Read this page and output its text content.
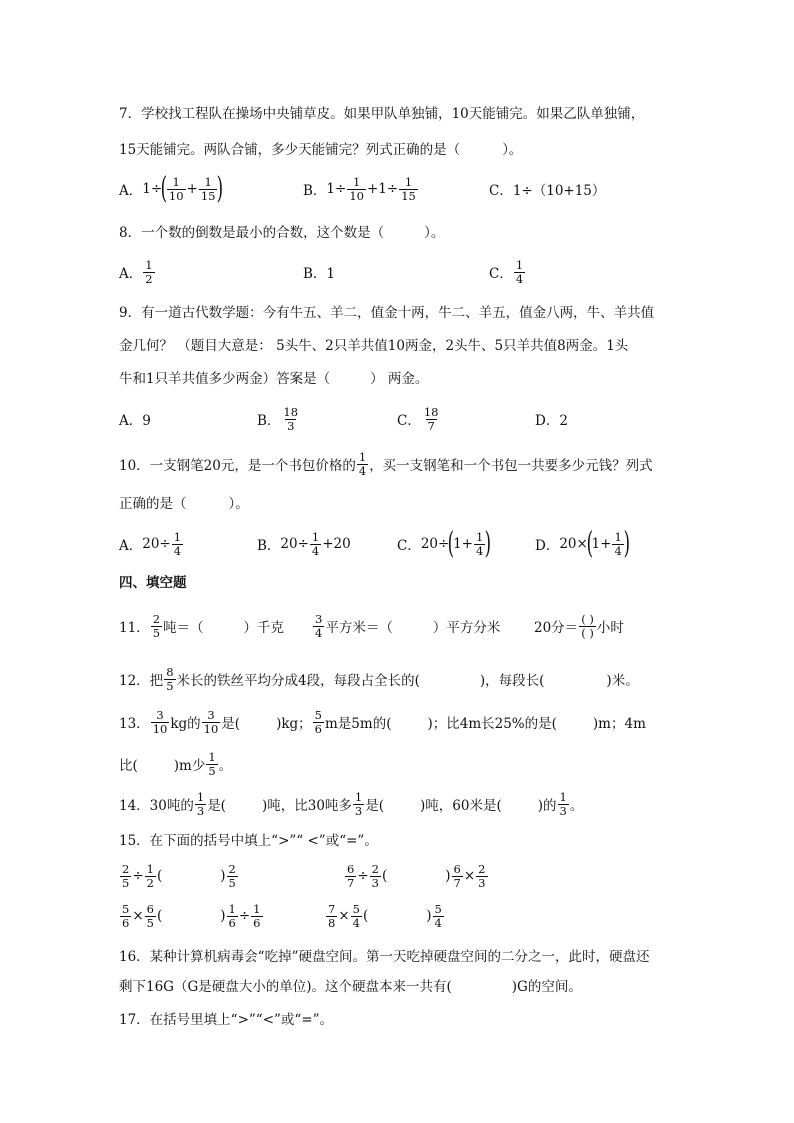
7．学校找工程队在操场中央铺草皮。如果甲队单独铺，10天能铺完。如果乙队单独铺，
15天能铺完。两队合铺，多少天能铺完？列式正确的是（	）。
A． 1÷
( $\frac{1}{10} + \frac{1}{15}$ )	B． $1\div \frac{1}{10} +1\div \frac{1}{15}$	C．1÷（10+15）
8．一个数的倒数是最小的合数，这个数是（	）。
A． $\frac{1}{2}$	B．1	C． $\frac{1}{4}$
9．有一道古代数学题：今有牛五、羊二，值金十两，牛二、羊五，值金八两，牛、羊共值
金几何？ （题目大意是： 5头牛、2只羊共值10两金，2头牛、5只羊共值8两金。1头
牛和1只羊共值多少两金）答案是（	） 两金。
A．9	B． $\frac{18}{3}$	C． $\frac{18}{7}$	D．2
10．一支钢笔20元，是一个书包价格的 $\frac{1}{4}$ ，买一支钢笔和一个书包一共要多少元钱？列式
正确的是（	）。
A． $20\div \frac{1}{4}$	B． $20\div \frac{1}{4} +20$	C． 20÷
(
$1+ \frac{1}{4}$ )	D． 20×
(
$1+ \frac{1}{4}$ )
四、填空题
11． $\frac{2}{5}$ 吨＝（	）千克	$\frac{3}{4}$ 平方米＝（	）平方分米 20分＝ $\frac{( )}{( )}$ 小时
12．把 $\frac{8}{5}$ 米长的铁丝平均分成4段，每段占全长的(	)，每段长(	)米。
13． $\frac{3}{10}$ kg的 $\frac{3}{10}$ 是(	)kg； $\frac{5}{6}$ m是5m的(	)；比4m长25%的是(	)m；4m
比(	)m少 $\frac{1}{5}$ 。
14．30吨的 $\frac{1}{3}$ 是(	)吨，比30吨多 $\frac{1}{3}$ 是(	)吨，60米是(	)的 $\frac{1}{3}$ 。
15．在下面的括号中填上“>”“ <”或“=”。
$\frac{2}{5} \div \frac{1}{2}$ (	) $\frac{2}{5}$	$\frac{6}{7} \div \frac{2}{3}$ (	) $\frac{6}{7} \times \frac{2}{3}$
$\frac{5}{6} \times \frac{6}{5}$ (	) $\frac{1}{6} \div \frac{1}{6}$	$\frac{7}{8} \times \frac{5}{4}$ (	) $\frac{5}{4}$
16．某种计算机病毒会“吃掉”硬盘空间。第一天吃掉硬盘空间的二分之一，此时，硬盘还
剩下16G（G是硬盘大小的单位)。这个硬盘本来一共有(	)G的空间。
17．在括号里填上“>”“<”或“=”。
